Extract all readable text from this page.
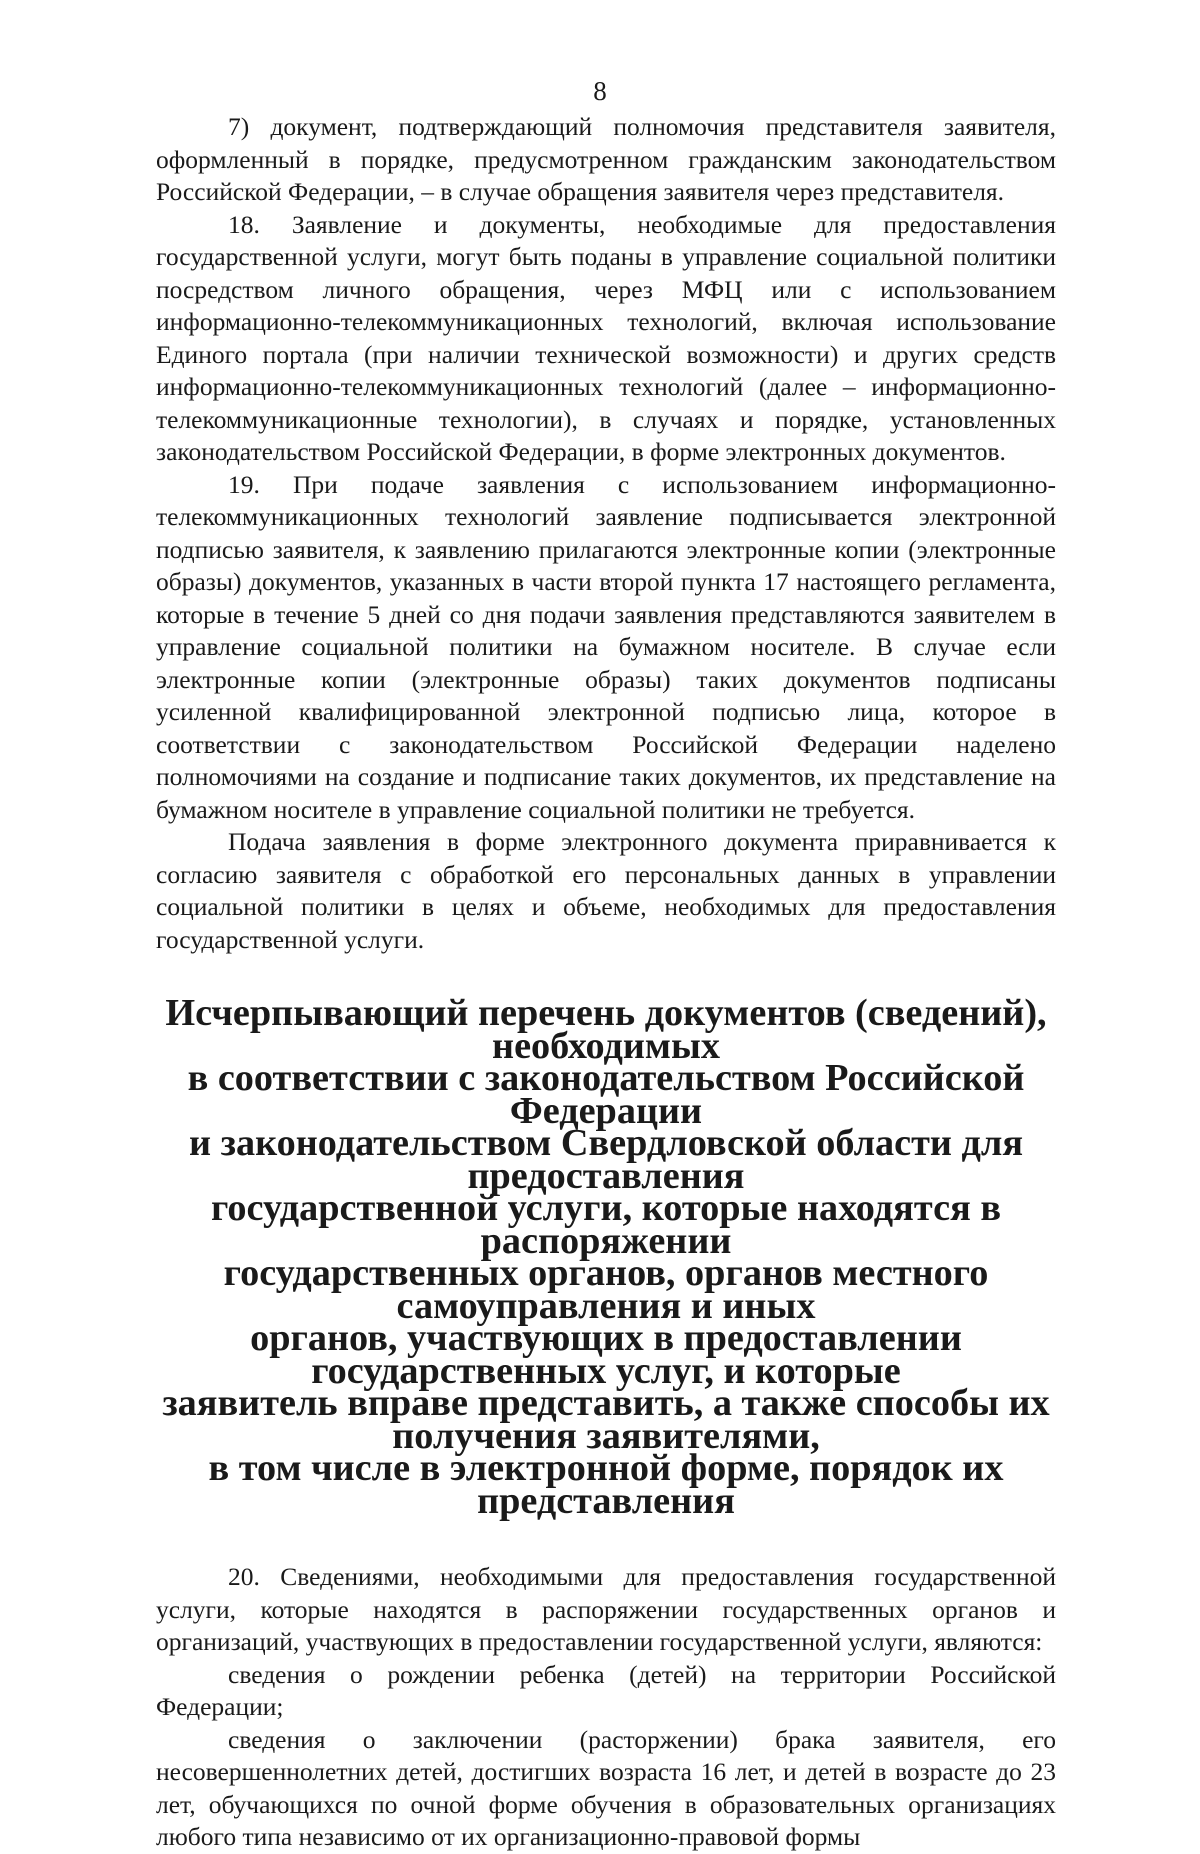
8

7) документ, подтверждающий полномочия представителя заявителя, оформленный в порядке, предусмотренном гражданским законодательством Российской Федерации, – в случае обращения заявителя через представителя.

18. Заявление и документы, необходимые для предоставления государственной услуги, могут быть поданы в управление социальной политики посредством личного обращения, через МФЦ или с использованием информационно-телекоммуникационных технологий, включая использование Единого портала (при наличии технической возможности) и других средств информационно-телекоммуникационных технологий (далее – информационно-телекоммуникационные технологии), в случаях и порядке, установленных законодательством Российской Федерации, в форме электронных документов.

19. При подаче заявления с использованием информационно-телекоммуникационных технологий заявление подписывается электронной подписью заявителя, к заявлению прилагаются электронные копии (электронные образы) документов, указанных в части второй пункта 17 настоящего регламента, которые в течение 5 дней со дня подачи заявления представляются заявителем в управление социальной политики на бумажном носителе. В случае если электронные копии (электронные образы) таких документов подписаны усиленной квалифицированной электронной подписью лица, которое в соответствии с законодательством Российской Федерации наделено полномочиями на создание и подписание таких документов, их представление на бумажном носителе в управление социальной политики не требуется.

Подача заявления в форме электронного документа приравнивается к согласию заявителя с обработкой его персональных данных в управлении социальной политики в целях и объеме, необходимых для предоставления государственной услуги.

Исчерпывающий перечень документов (сведений), необходимых
в соответствии с законодательством Российской Федерации
и законодательством Свердловской области для предоставления
государственной услуги, которые находятся в распоряжении
государственных органов, органов местного самоуправления и иных
органов, участвующих в предоставлении государственных услуг, и которые
заявитель вправе представить, а также способы их получения заявителями,
в том числе в электронной форме, порядок их представления

20. Сведениями, необходимыми для предоставления государственной услуги, которые находятся в распоряжении государственных органов и организаций, участвующих в предоставлении государственной услуги, являются:

сведения о рождении ребенка (детей) на территории Российской Федерации;

сведения о заключении (расторжении) брака заявителя, его несовершеннолетних детей, достигших возраста 16 лет, и детей в возрасте до 23 лет, обучающихся по очной форме обучения в образовательных организациях любого типа независимо от их организационно-правовой формы
